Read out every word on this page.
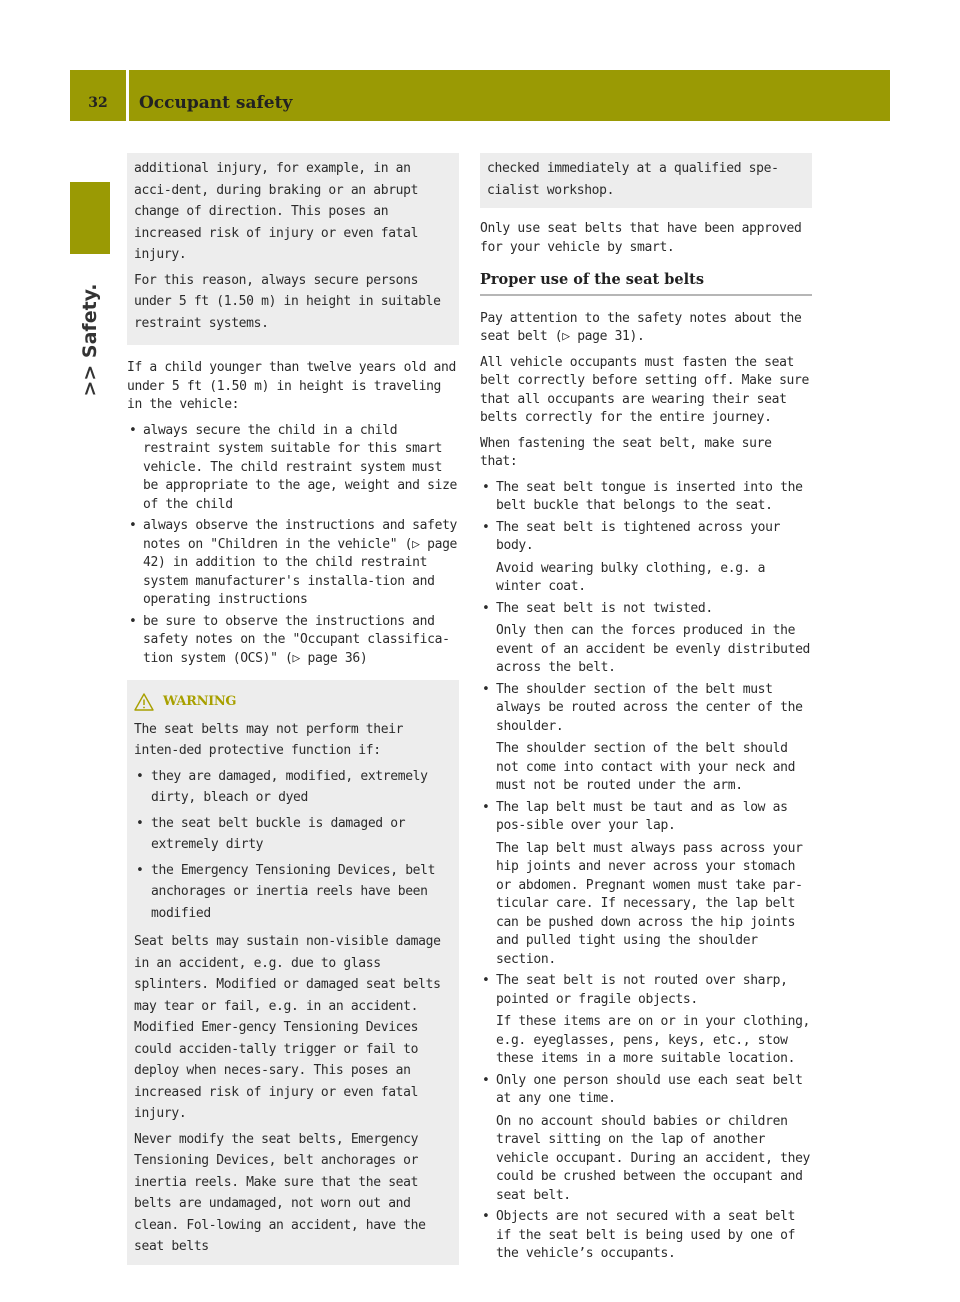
32	Occupant safety
>> Safety.

additional injury, for example, in an acci-dent, during braking or an abrupt change of direction. This poses an increased risk of injury or even fatal injury.

For this reason, always secure persons under 5 ft (1.50 m) in height in suitable restraint systems.

If a child younger than twelve years old and under 5 ft (1.50 m) in height is traveling in the vehicle:

• always secure the child in a child restraint system suitable for this smart vehicle. The child restraint system must be appropriate to the age, weight and size of the child
• always observe the instructions and safety notes on "Children in the vehicle" (▷ page 42) in addition to the child restraint system manufacturer's installa-tion and operating instructions
• be sure to observe the instructions and safety notes on the "Occupant classifica-tion system (OCS)" (▷ page 36)
WARNING

The seat belts may not perform their inten-ded protective function if:

• they are damaged, modified, extremely dirty, bleach or dyed
• the seat belt buckle is damaged or extremely dirty
• the Emergency Tensioning Devices, belt anchorages or inertia reels have been modified

Seat belts may sustain non-visible damage in an accident, e.g. due to glass splinters. Modified or damaged seat belts may tear or fail, e.g. in an accident. Modified Emer-gency Tensioning Devices could acciden-tally trigger or fail to deploy when neces-sary. This poses an increased risk of injury or even fatal injury.

Never modify the seat belts, Emergency Tensioning Devices, belt anchorages or inertia reels. Make sure that the seat belts are undamaged, not worn out and clean. Fol-lowing an accident, have the seat belts

checked immediately at a qualified spe-cialist workshop.

Only use seat belts that have been approved for your vehicle by smart.

Proper use of the seat belts

Pay attention to the safety notes about the seat belt (▷ page 31).

All vehicle occupants must fasten the seat belt correctly before setting off. Make sure that all occupants are wearing their seat belts correctly for the entire journey.

When fastening the seat belt, make sure that:

• The seat belt tongue is inserted into the belt buckle that belongs to the seat.
• The seat belt is tightened across your body.
Avoid wearing bulky clothing, e.g. a winter coat.
• The seat belt is not twisted.
Only then can the forces produced in the event of an accident be evenly distributed across the belt.
• The shoulder section of the belt must always be routed across the center of the shoulder.
The shoulder section of the belt should not come into contact with your neck and must not be routed under the arm.
• The lap belt must be taut and as low as pos-sible over your lap.
The lap belt must always pass across your hip joints and never across your stomach or abdomen. Pregnant women must take par-ticular care. If necessary, the lap belt can be pushed down across the hip joints and pulled tight using the shoulder section.
• The seat belt is not routed over sharp, pointed or fragile objects.
If these items are on or in your clothing, e.g. eyeglasses, pens, keys, etc., stow these items in a more suitable location.
• Only one person should use each seat belt at any one time.
On no account should babies or children travel sitting on the lap of another vehicle occupant. During an accident, they could be crushed between the occupant and seat belt.
• Objects are not secured with a seat belt if the seat belt is being used by one of the vehicle’s occupants.
